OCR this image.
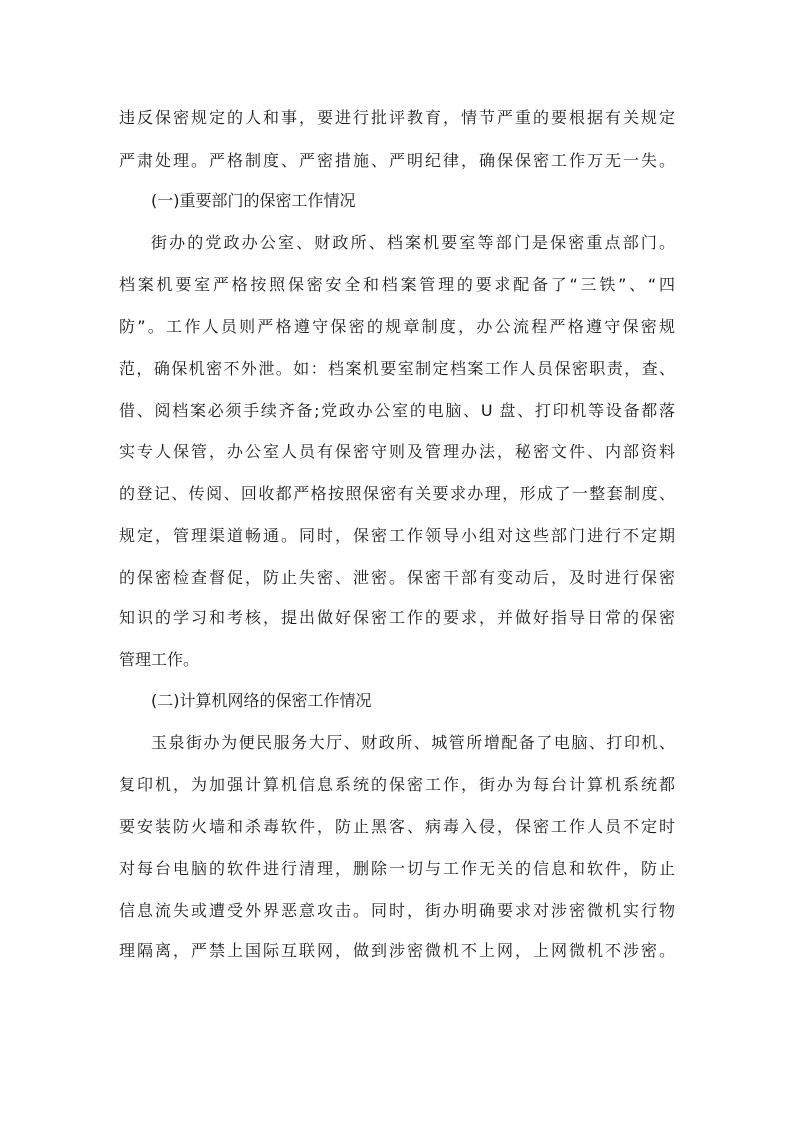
违反保密规定的人和事，要进行批评教育，情节严重的要根据有关规定
严肃处理。严格制度、严密措施、严明纪律，确保保密工作万无一失。
(一)重要部门的保密工作情况
街办的党政办公室、财政所、档案机要室等部门是保密重点部门。
档案机要室严格按照保密安全和档案管理的要求配备了“三铁”、“四
防”。工作人员则严格遵守保密的规章制度，办公流程严格遵守保密规
范，确保机密不外泄。如：档案机要室制定档案工作人员保密职责，查、
借、阅档案必须手续齐备;党政办公室的电脑、U 盘、打印机等设备都落
实专人保管，办公室人员有保密守则及管理办法，秘密文件、内部资料
的登记、传阅、回收都严格按照保密有关要求办理，形成了一整套制度、
规定，管理渠道畅通。同时，保密工作领导小组对这些部门进行不定期
的保密检查督促，防止失密、泄密。保密干部有变动后，及时进行保密
知识的学习和考核，提出做好保密工作的要求，并做好指导日常的保密
管理工作。
(二)计算机网络的保密工作情况
玉泉街办为便民服务大厅、财政所、城管所增配备了电脑、打印机、
复印机，为加强计算机信息系统的保密工作，街办为每台计算机系统都
要安装防火墙和杀毒软件，防止黑客、病毒入侵，保密工作人员不定时
对每台电脑的软件进行清理，删除一切与工作无关的信息和软件，防止
信息流失或遭受外界恶意攻击。同时，街办明确要求对涉密微机实行物
理隔离，严禁上国际互联网，做到涉密微机不上网，上网微机不涉密。
